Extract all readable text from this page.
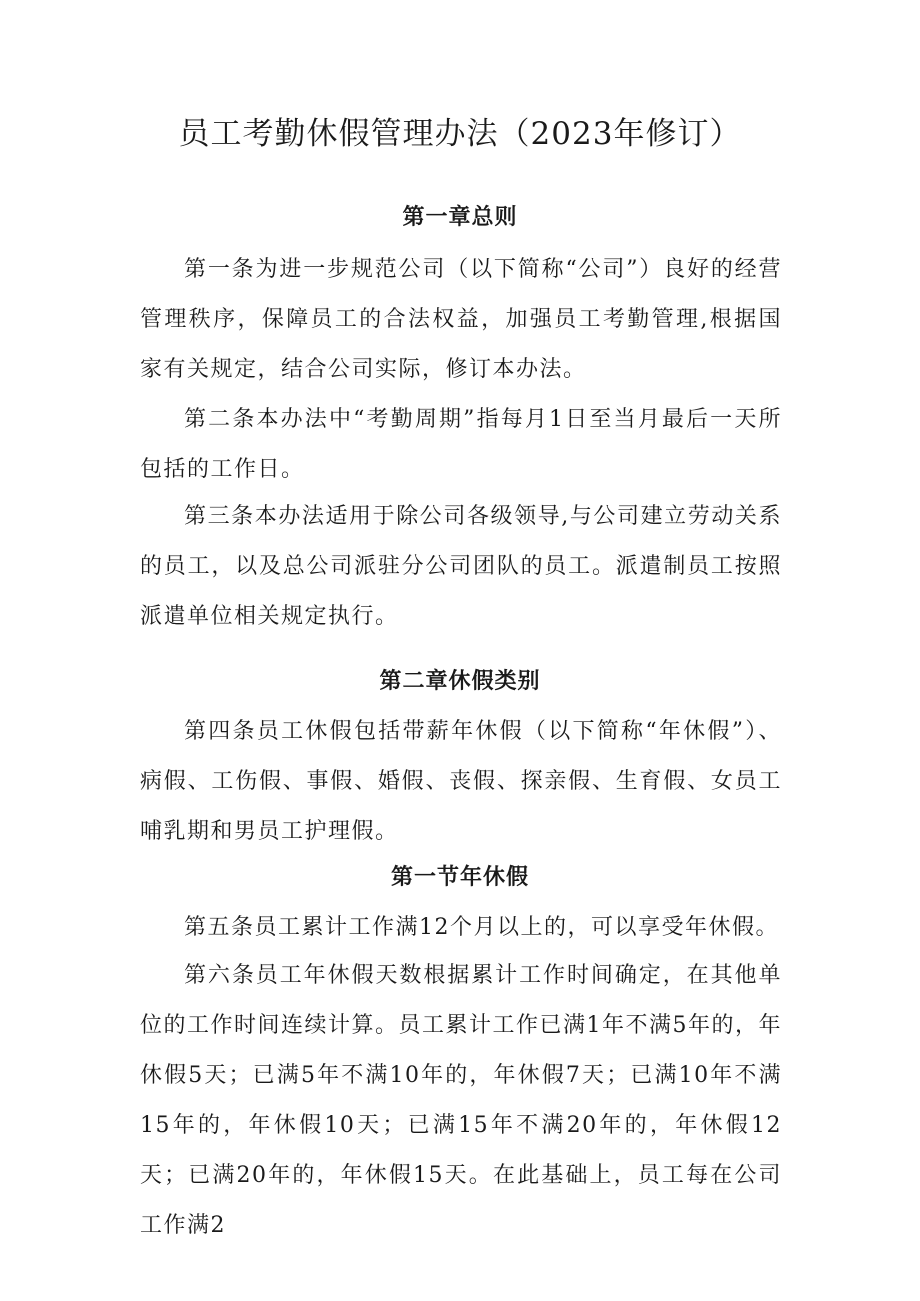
员工考勤休假管理办法（2023年修订）
第一章总则

第一条为进一步规范公司（以下简称“公司”）良好的经营管理秩序，保障员工的合法权益，加强员工考勤管理,根据国家有关规定，结合公司实际，修订本办法。

第二条本办法中“考勤周期”指每月1日至当月最后一天所包括的工作日。

第三条本办法适用于除公司各级领导,与公司建立劳动关系的员工，以及总公司派驻分公司团队的员工。派遣制员工按照派遣单位相关规定执行。

第二章休假类别

第四条员工休假包括带薪年休假（以下简称“年休假”）、病假、工伤假、事假、婚假、丧假、探亲假、生育假、女员工哺乳期和男员工护理假。

第一节年休假

第五条员工累计工作满12个月以上的，可以享受年休假。

第六条员工年休假天数根据累计工作时间确定，在其他单位的工作时间连续计算。员工累计工作已满1年不满5年的，年休假5天；已满5年不满10年的，年休假7天；已满10年不满15年的，年休假10天；已满15年不满20年的，年休假12天；已满20年的，年休假15天。在此基础上，员工每在公司工作满2
